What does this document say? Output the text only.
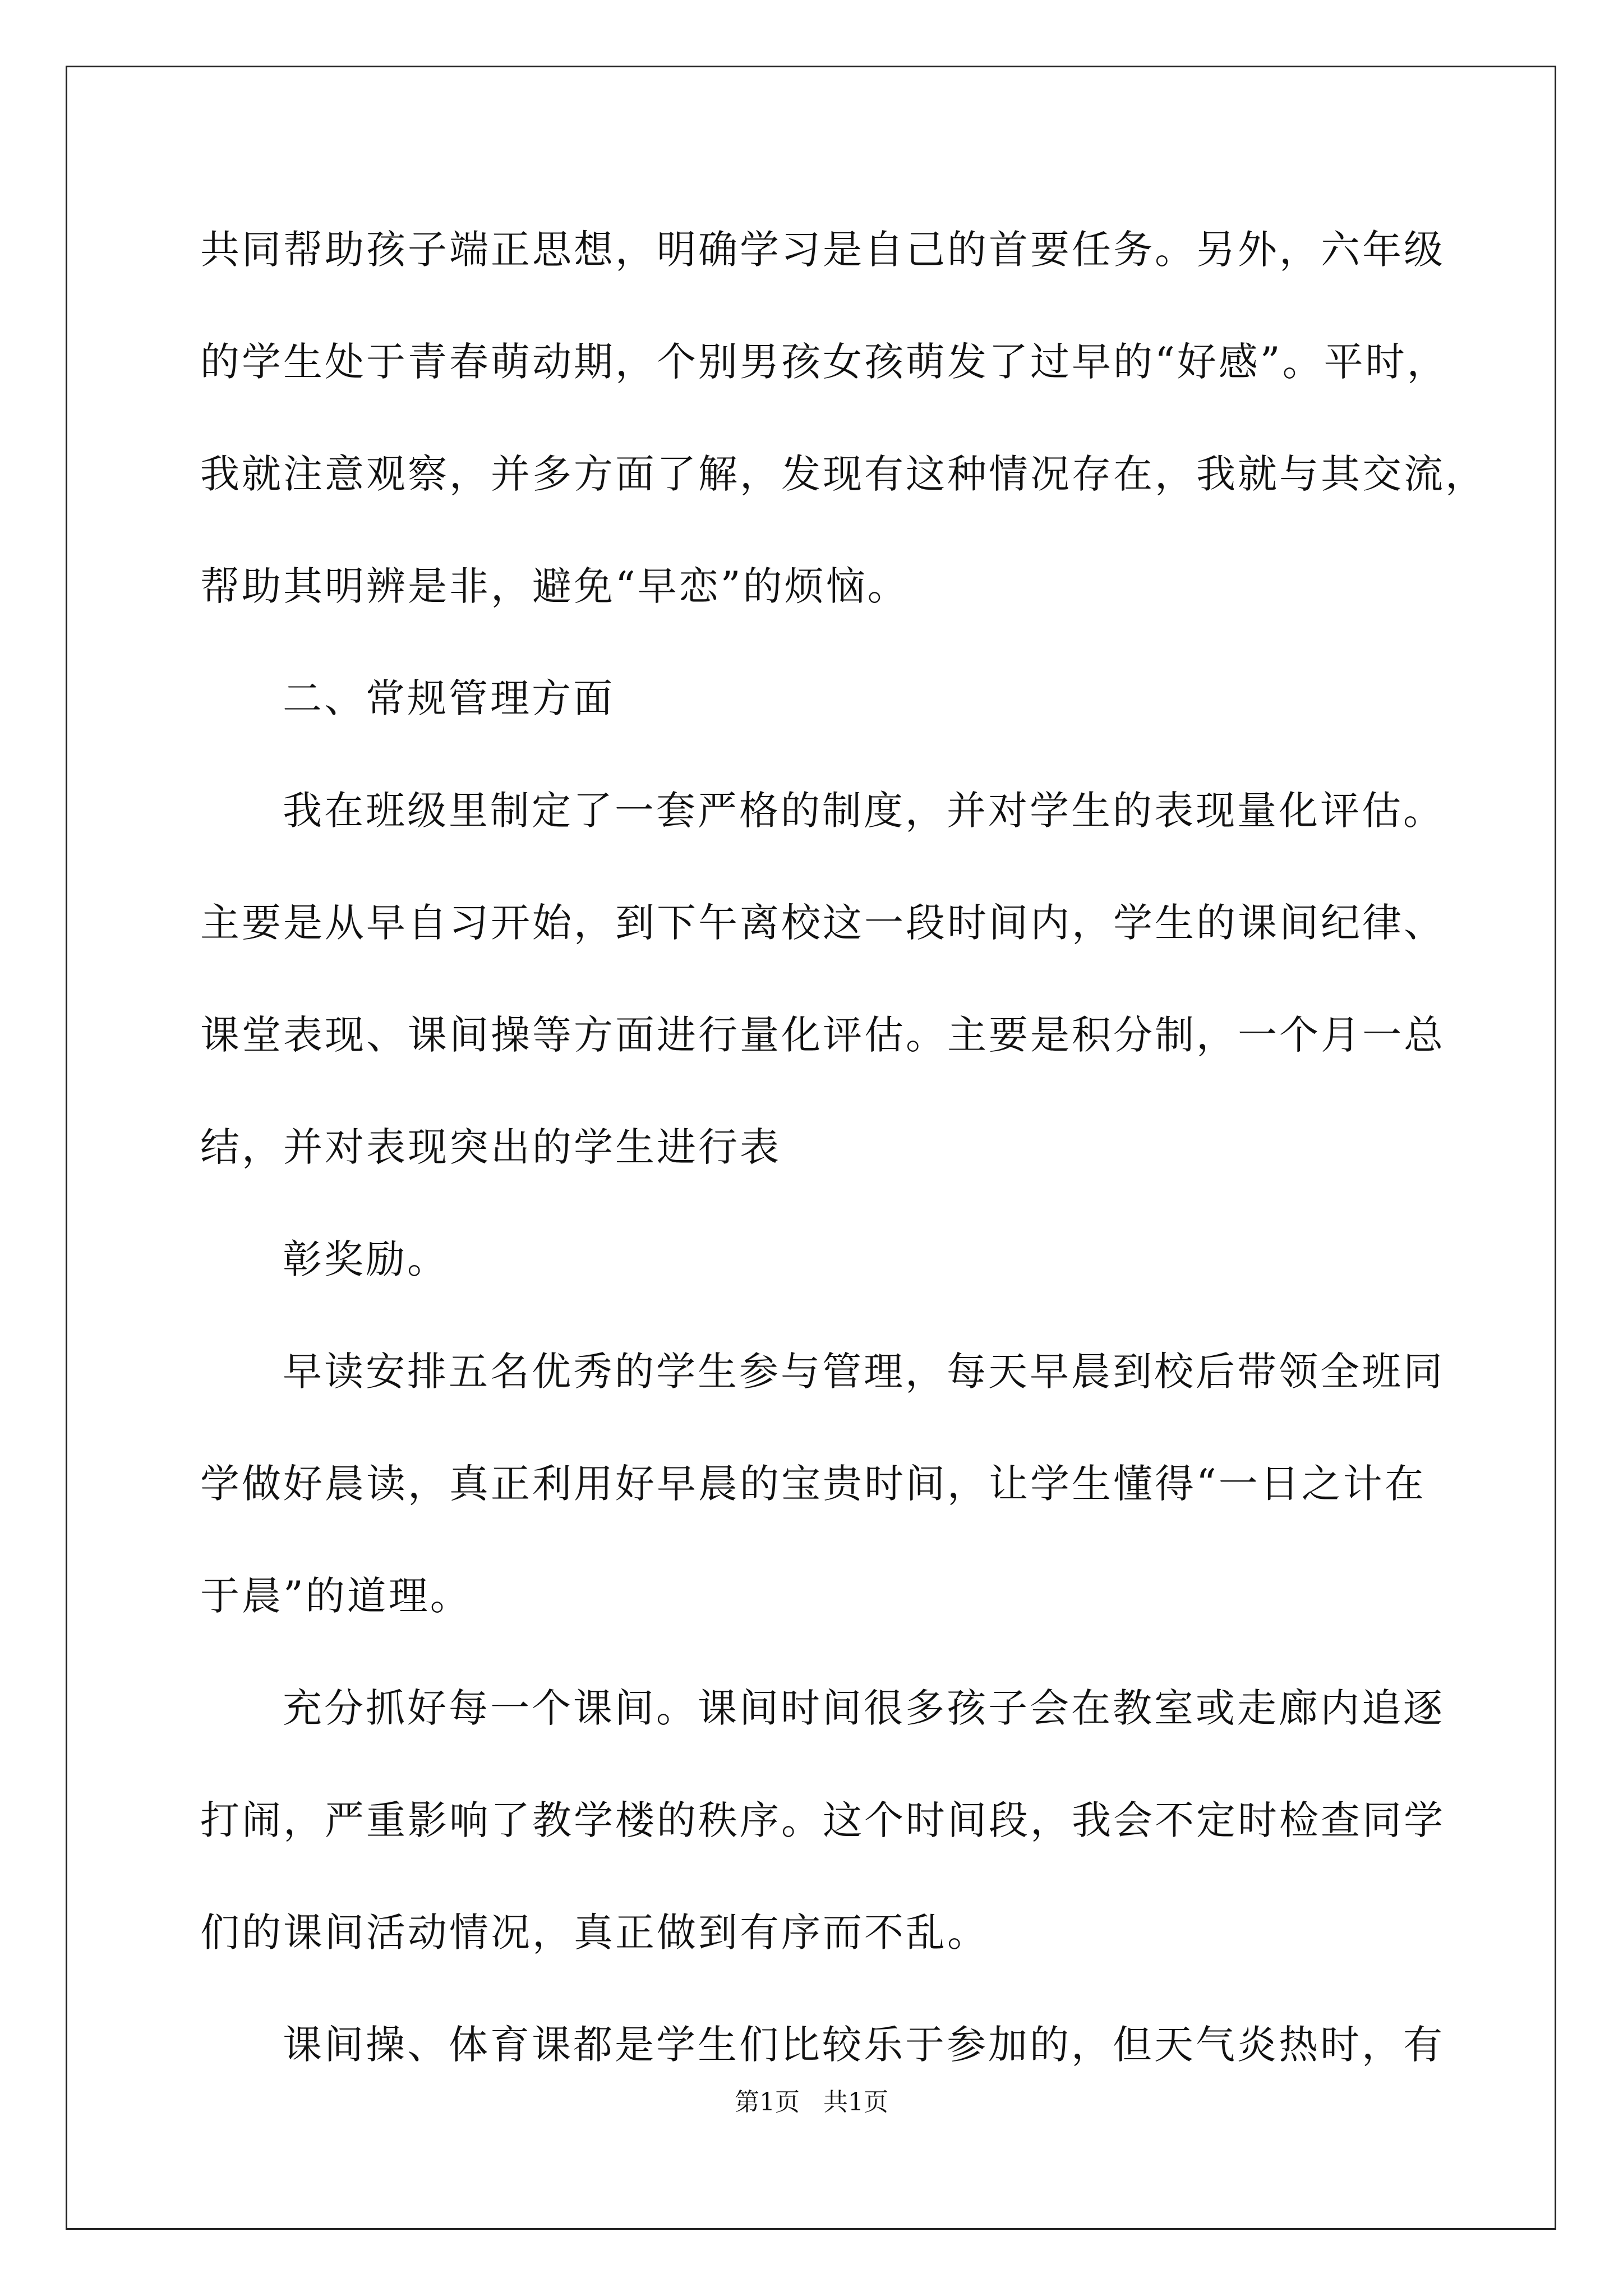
共同帮助孩子端正思想，明确学习是自己的首要任务。另外，六年级
的学生处于青春萌动期，个别男孩女孩萌发了过早的“好感”。平时，
我就注意观察，并多方面了解，发现有这种情况存在，我就与其交流，
帮助其明辨是非，避免“早恋”的烦恼。
二、常规管理方面
我在班级里制定了一套严格的制度，并对学生的表现量化评估。
主要是从早自习开始，到下午离校这一段时间内，学生的课间纪律、
课堂表现、课间操等方面进行量化评估。主要是积分制，一个月一总
结，并对表现突出的学生进行表
彰奖励。
早读安排五名优秀的学生参与管理，每天早晨到校后带领全班同
学做好晨读，真正利用好早晨的宝贵时间，让学生懂得“一日之计在
于晨”的道理。
充分抓好每一个课间。课间时间很多孩子会在教室或走廊内追逐
打闹，严重影响了教学楼的秩序。这个时间段，我会不定时检查同学
们的课间活动情况，真正做到有序而不乱。
课间操、体育课都是学生们比较乐于参加的，但天气炎热时，有
第1页   共1页
